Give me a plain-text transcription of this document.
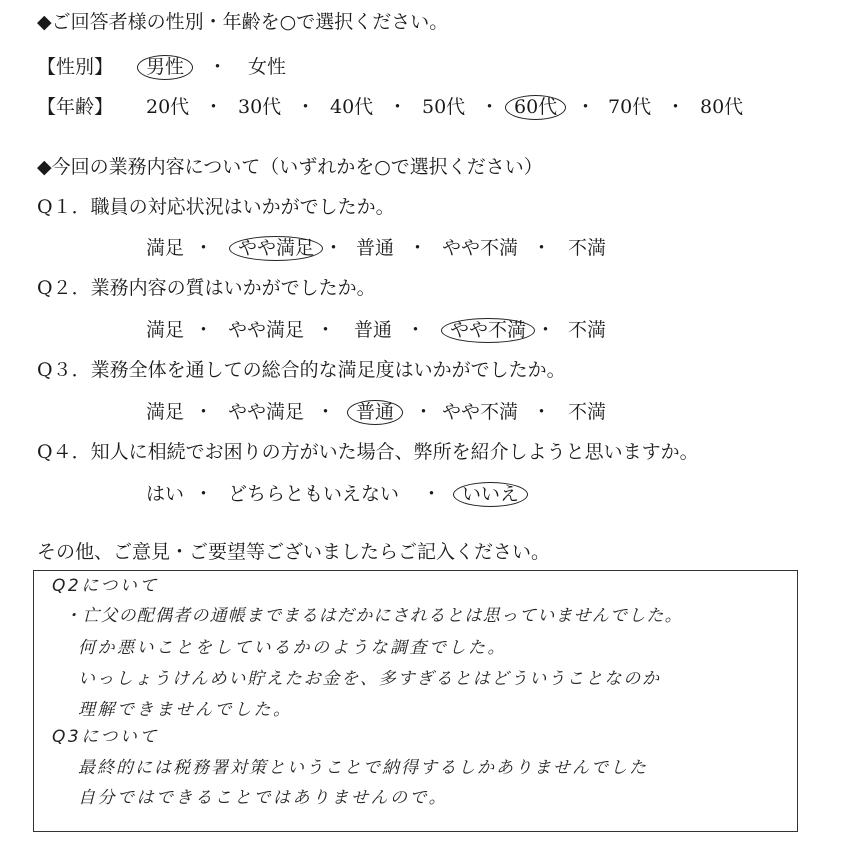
◆ご回答者様の性別・年齢を○で選択ください。
【性別】 男性	・ 女性
【年齢】 20代 ・ 30代 ・ 40代 ・ 50代 ・ 60代 ・ 70代 ・ 80代
◆今回の業務内容について（いずれかを○で選択ください）
Q１．職員の対応状況はいかがでしたか。
満足 ・ やや満足 ・ 普通 ・ やや不満 ・ 不満
Q２．業務内容の質はいかがでしたか。
満足 ・ やや満足 ・ 普通 ・ やや不満 ・ 不満
Q３．業務全体を通しての総合的な満足度はいかがでしたか。
満足 ・ やや満足 ・ 普通	・ やや不満 ・ 不満
Q４．知人に相続でお困りの方がいた場合、弊所を紹介しようと思いますか。
はい ・ どちらともいえない ・ いいえ
その他、ご意見・ご要望等ございましたらご記入ください。
Q2について
・亡父の配偶者の通帳までまるはだかにされるとは思っていませんでした。
何か悪いことをしているかのような調査でした。
いっしょうけんめい貯えたお金を、多すぎるとはどういうことなのか
理解できませんでした。
Q3について
最終的には税務署対策ということで納得するしかありませんでした
自分ではできることではありませんので。
